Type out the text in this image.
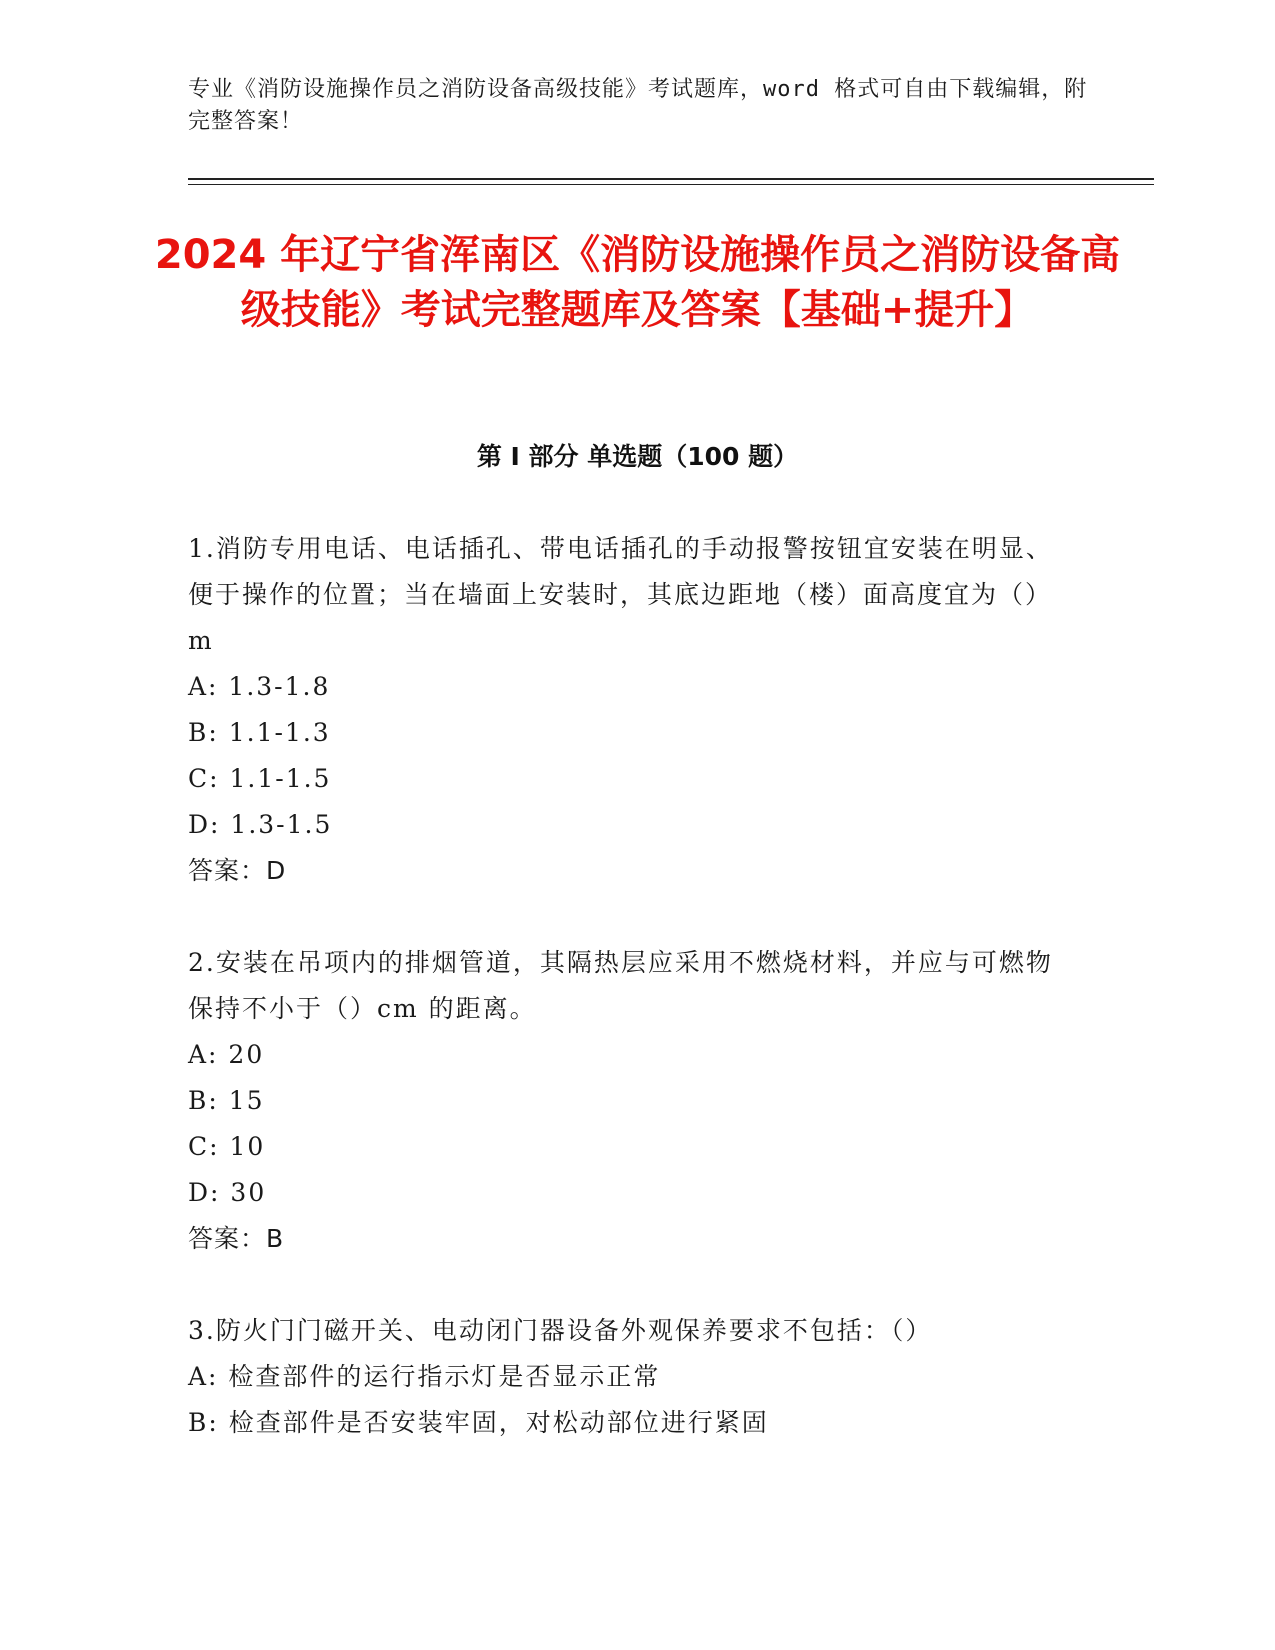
专业《消防设施操作员之消防设备高级技能》考试题库，word 格式可自由下载编辑，附完整答案！
2024 年辽宁省浑南区《消防设施操作员之消防设备高级技能》考试完整题库及答案【基础+提升】
第 I 部分 单选题（100 题）

1.消防专用电话、电话插孔、带电话插孔的手动报警按钮宜安装在明显、便于操作的位置；当在墙面上安装时，其底边距地（楼）面高度宜为（）m

A: 1.3-1.8

B: 1.1-1.3

C: 1.1-1.5

D: 1.3-1.5

答案：D

2.安装在吊项内的排烟管道，其隔热层应采用不燃烧材料，并应与可燃物保持不小于（）cm 的距离。

A: 20

B: 15

C: 10

D: 30

答案：B

3.防火门门磁开关、电动闭门器设备外观保养要求不包括：（）

A: 检查部件的运行指示灯是否显示正常

B: 检查部件是否安装牢固，对松动部位进行紧固
